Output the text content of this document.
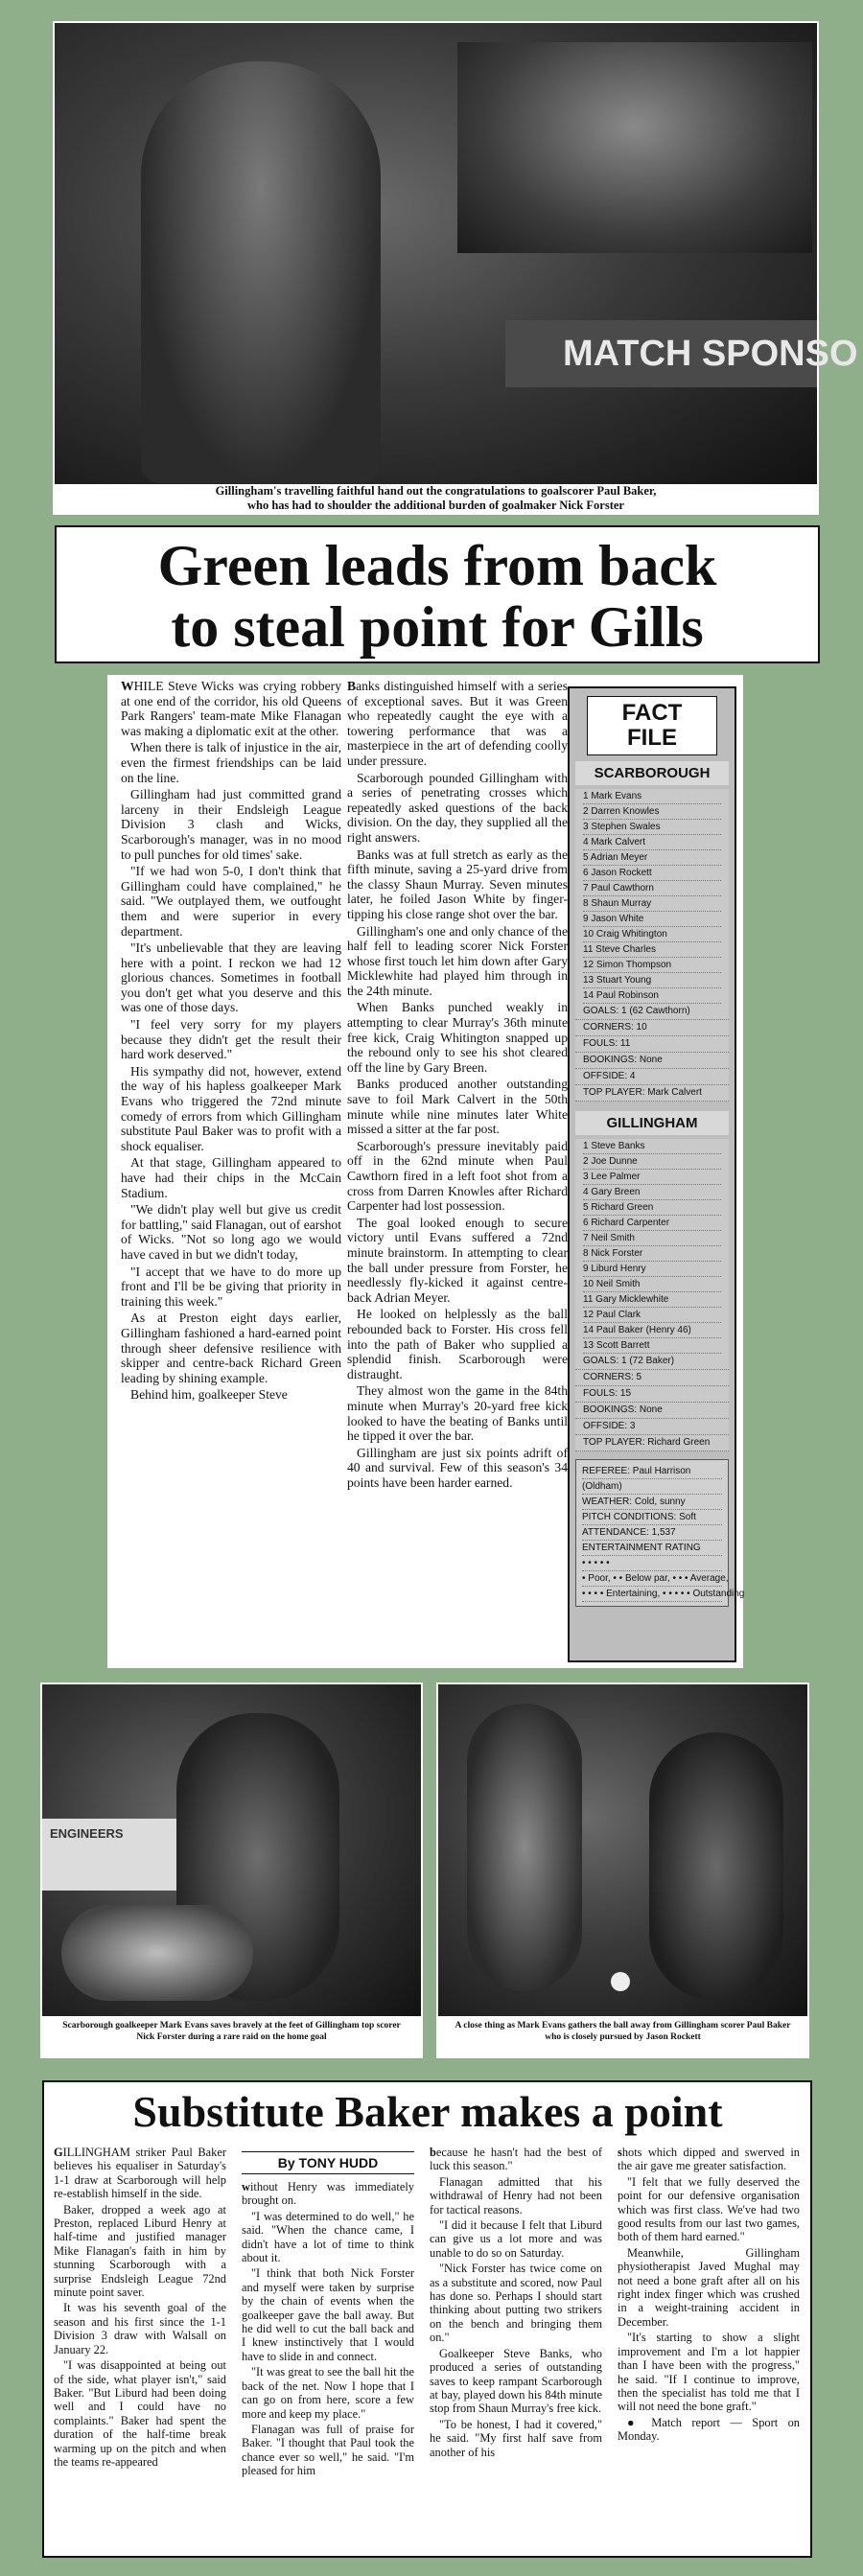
MATCH SPONSO
Gillingham's travelling faithful hand out the congratulations to goalscorer Paul Baker,
who has had to shoulder the additional burden of goalmaker Nick Forster
Green leads from back
to steal point for Gills

WHILE Steve Wicks was crying robbery at one end of the corridor, his old Queens Park Rangers' team-mate Mike Flanagan was making a diplomatic exit at the other.

When there is talk of injustice in the air, even the firmest friendships can be laid on the line.

Gillingham had just committed grand larceny in their Endsleigh League Division 3 clash and Wicks, Scarborough's manager, was in no mood to pull punches for old times' sake.

"If we had won 5-0, I don't think that Gillingham could have complained," he said. "We outplayed them, we outfought them and were superior in every department.

"It's unbelievable that they are leaving here with a point. I reckon we had 12 glorious chances. Sometimes in football you don't get what you deserve and this was one of those days.

"I feel very sorry for my players because they didn't get the result their hard work deserved."

His sympathy did not, however, extend the way of his hapless goalkeeper Mark Evans who triggered the 72nd minute comedy of errors from which Gillingham substitute Paul Baker was to profit with a shock equaliser.

At that stage, Gillingham appeared to have had their chips in the McCain Stadium.

"We didn't play well but give us credit for battling," said Flanagan, out of earshot of Wicks. "Not so long ago we would have caved in but we didn't today,

"I accept that we have to do more up front and I'll be be giving that priority in training this week."

As at Preston eight days earlier, Gillingham fashioned a hard-earned point through sheer defensive resilience with skipper and centre-back Richard Green leading by shining example.

Behind him, goalkeeper Steve

Banks distinguished himself with a series of exceptional saves. But it was Green who repeatedly caught the eye with a towering performance that was a masterpiece in the art of defending coolly under pressure.

Scarborough pounded Gillingham with a series of penetrating crosses which repeatedly asked questions of the back division. On the day, they supplied all the right answers.

Banks was at full stretch as early as the fifth minute, saving a 25-yard drive from the classy Shaun Murray. Seven minutes later, he foiled Jason White by finger-tipping his close range shot over the bar.

Gillingham's one and only chance of the half fell to leading scorer Nick Forster whose first touch let him down after Gary Micklewhite had played him through in the 24th minute.

When Banks punched weakly in attempting to clear Murray's 36th minute free kick, Craig Whitington snapped up the rebound only to see his shot cleared off the line by Gary Breen.

Banks produced another outstanding save to foil Mark Calvert in the 50th minute while nine minutes later White missed a sitter at the far post.

Scarborough's pressure inevitably paid off in the 62nd minute when Paul Cawthorn fired in a left foot shot from a cross from Darren Knowles after Richard Carpenter had lost possession.

The goal looked enough to secure victory until Evans suffered a 72nd minute brainstorm. In attempting to clear the ball under pressure from Forster, he needlessly fly-kicked it against centre-back Adrian Meyer.

He looked on helplessly as the ball rebounded back to Forster. His cross fell into the path of Baker who supplied a splendid finish. Scarborough were distraught.

They almost won the game in the 84th minute when Murray's 20-yard free kick looked to have the beating of Banks until he tipped it over the bar.

Gillingham are just six points adrift of 40 and survival. Few of this season's 34 points have been harder earned.

FACT
FILE
SCARBOROUGH
1 Mark Evans
2 Darren Knowles
3 Stephen Swales
4 Mark Calvert
5 Adrian Meyer
6 Jason Rockett
7 Paul Cawthorn
8 Shaun Murray
9 Jason White
10 Craig Whitington
11 Steve Charles
12 Simon Thompson
13 Stuart Young
14 Paul Robinson
GOALS: 1 (62 Cawthorn)
CORNERS: 10
FOULS: 11
BOOKINGS: None
OFFSIDE: 4
TOP PLAYER: Mark Calvert
GILLINGHAM
1 Steve Banks
2 Joe Dunne
3 Lee Palmer
4 Gary Breen
5 Richard Green
6 Richard Carpenter
7 Neil Smith
8 Nick Forster
9 Liburd Henry
10 Neil Smith
11 Gary Micklewhite
12 Paul Clark
14 Paul Baker (Henry 46)
13 Scott Barrett
GOALS: 1 (72 Baker)
CORNERS: 5
FOULS: 15
BOOKINGS: None
OFFSIDE: 3
TOP PLAYER: Richard Green
REFEREE: Paul Harrison
(Oldham)
WEATHER: Cold, sunny
PITCH CONDITIONS: Soft
ATTENDANCE: 1,537
ENTERTAINMENT RATING
• • • • •
• Poor, • • Below par, • • • Average,
• • • • Entertaining, • • • • • Outstanding
ENGINEERS
Scarborough goalkeeper Mark Evans saves bravely at the feet of Gillingham top scorer
Nick Forster during a rare raid on the home goal
A close thing as Mark Evans gathers the ball away from Gillingham scorer Paul Baker
who is closely pursued by Jason Rockett
Substitute Baker makes a point

GILLINGHAM striker Paul Baker believes his equaliser in Saturday's 1-1 draw at Scarborough will help re-establish himself in the side.

Baker, dropped a week ago at Preston, replaced Liburd Henry at half-time and justified manager Mike Flanagan's faith in him by stunning Scarborough with a surprise Endsleigh League 72nd minute point saver.

It was his seventh goal of the season and his first since the 1-1 Division 3 draw with Walsall on January 22.

"I was disappointed at being out of the side, what player isn't," said Baker. "But Liburd had been doing well and I could have no complaints." Baker had spent the duration of the half-time break warming up on the pitch and when the teams re-appeared

By TONY HUDD

without Henry was immediately brought on.

"I was determined to do well," he said. "When the chance came, I didn't have a lot of time to think about it.

"I think that both Nick Forster and myself were taken by surprise by the chain of events when the goalkeeper gave the ball away. But he did well to cut the ball back and I knew instinctively that I would have to slide in and connect.

"It was great to see the ball hit the back of the net. Now I hope that I can go on from here, score a few more and keep my place."

Flanagan was full of praise for Baker. "I thought that Paul took the chance ever so well," he said. "I'm pleased for him

because he hasn't had the best of luck this season."

Flanagan admitted that his withdrawal of Henry had not been for tactical reasons.

"I did it because I felt that Liburd can give us a lot more and was unable to do so on Saturday.

"Nick Forster has twice come on as a substitute and scored, now Paul has done so. Perhaps I should start thinking about putting two strikers on the bench and bringing them on."

Goalkeeper Steve Banks, who produced a series of outstanding saves to keep rampant Scarborough at bay, played down his 84th minute stop from Shaun Murray's free kick.

"To be honest, I had it covered," he said. "My first half save from another of his

shots which dipped and swerved in the air gave me greater satisfaction.

"I felt that we fully deserved the point for our defensive organisation which was first class. We've had two good results from our last two games, both of them hard earned."

Meanwhile, Gillingham physiotherapist Javed Mughal may not need a bone graft after all on his right index finger which was crushed in a weight-training accident in December.

"It's starting to show a slight improvement and I'm a lot happier than I have been with the progress," he said. "If I continue to improve, then the specialist has told me that I will not need the bone graft."

● Match report — Sport on Monday.
